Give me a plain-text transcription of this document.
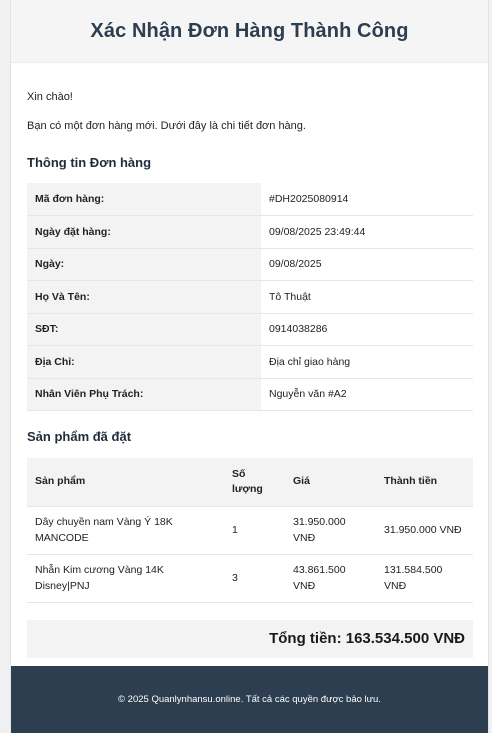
Xác Nhận Đơn Hàng Thành Công

Xin chào!

Bạn có một đơn hàng mới. Dưới đây là chi tiết đơn hàng.

Thông tin Đơn hàng
Mã đơn hàng:	#DH2025080914
Ngày đặt hàng:	09/08/2025 23:49:44
Ngày:	09/08/2025
Họ Và Tên:	Tô Thuật
SĐT:	0914038286
Địa Chỉ:	Địa chỉ giao hàng
Nhân Viên Phụ Trách:	Nguyễn văn #A2
Sản phẩm đã đặt
Sản phẩm	Số lượng	Giá	Thành tiền
Dây chuyền nam Vàng Ý 18K MANCODE	1	31.950.000 VNĐ	31.950.000 VNĐ
Nhẫn Kim cương Vàng 14K Disney|PNJ	3	43.861.500 VNĐ	131.584.500 VNĐ
Tổng tiền: 163.534.500 VNĐ
© 2025 Quanlynhansu.online. Tất cả các quyền được bảo lưu.
